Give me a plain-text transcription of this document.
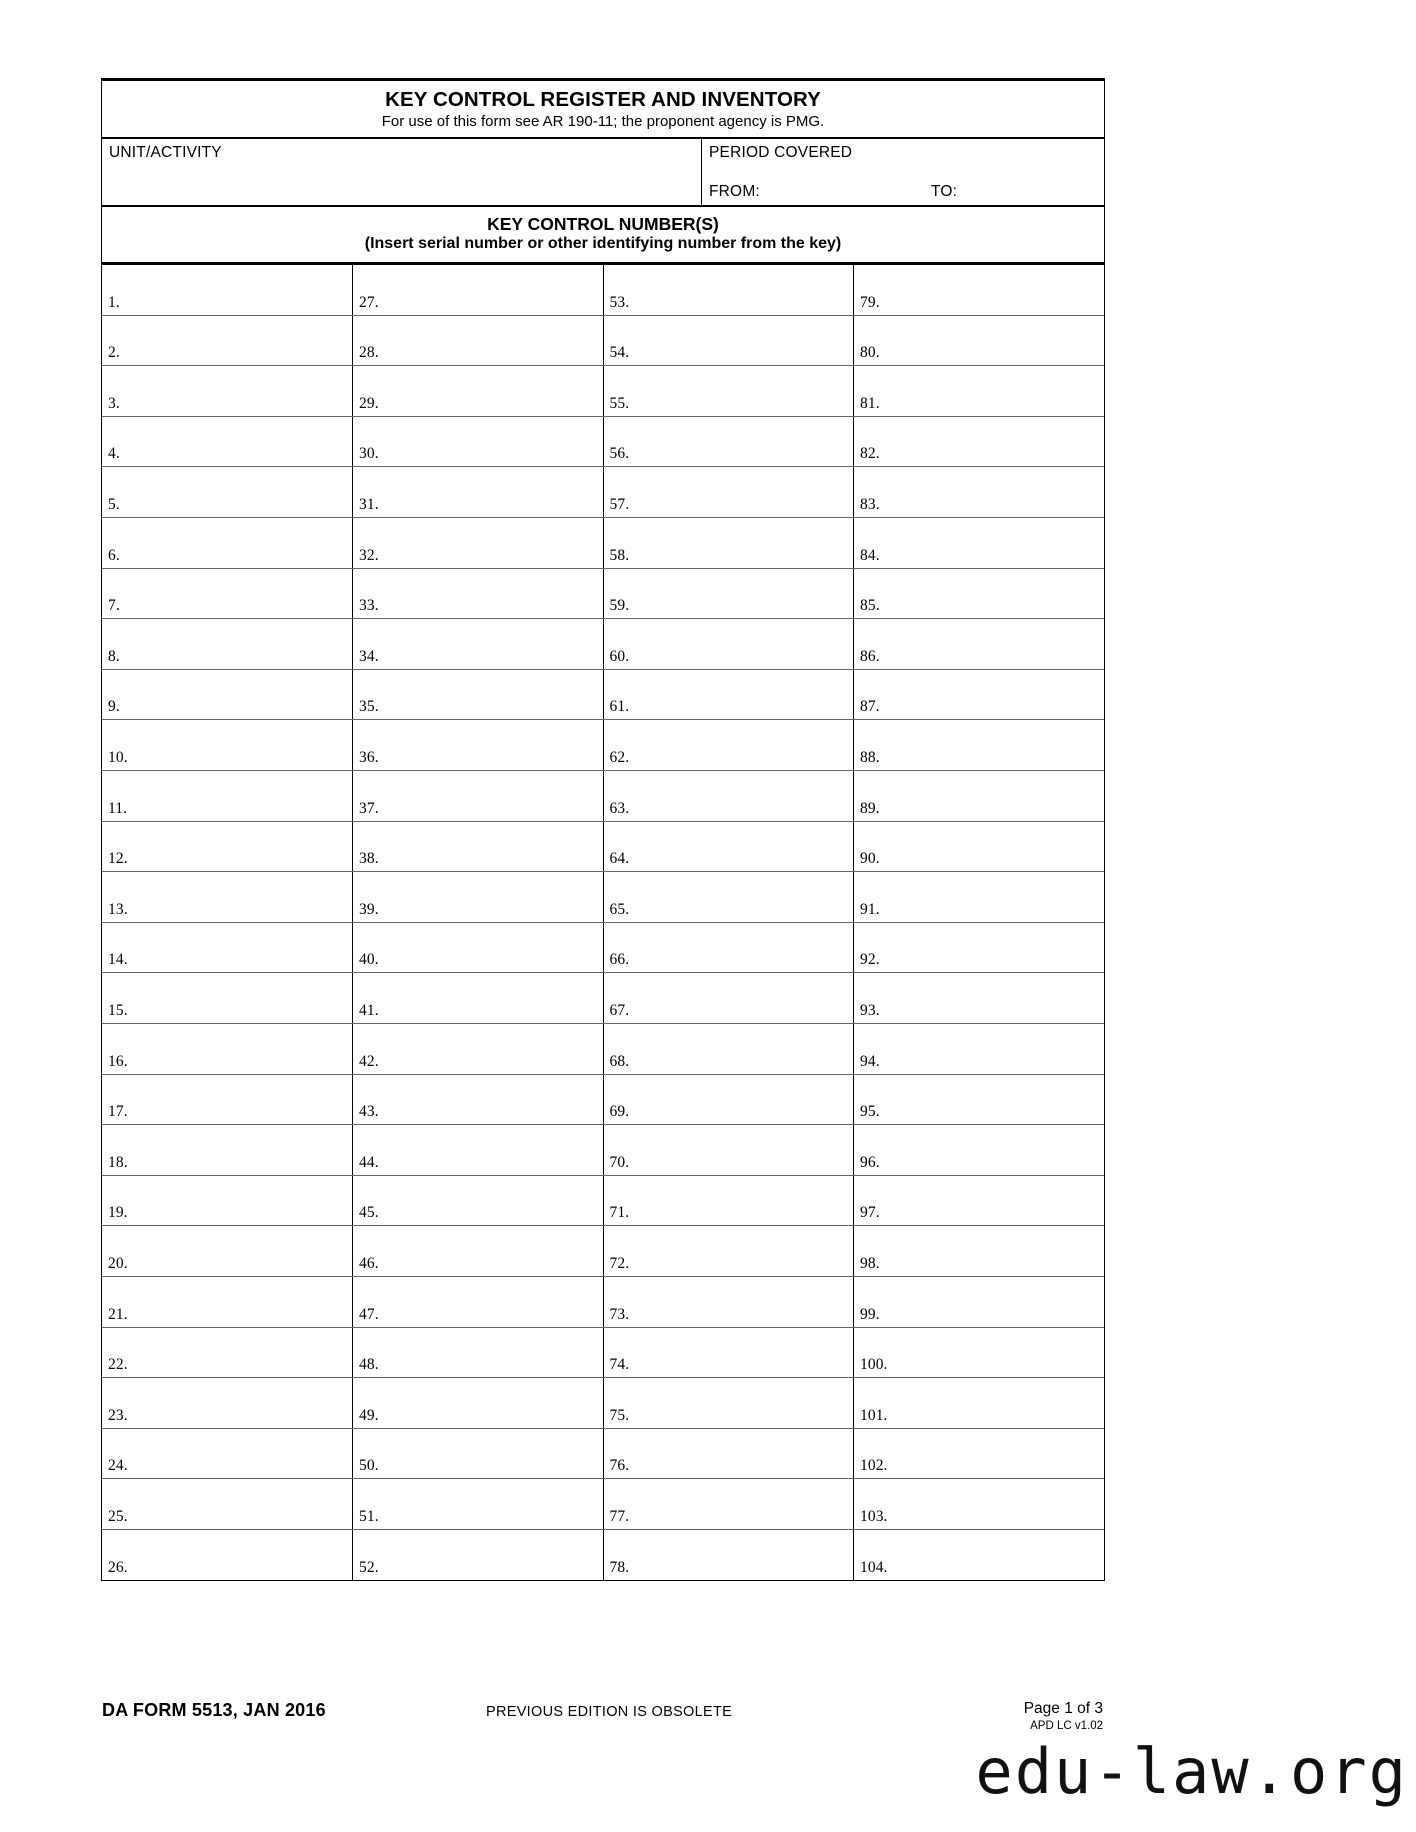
KEY CONTROL REGISTER AND INVENTORY
For use of this form see AR 190-11; the proponent agency is PMG.
UNIT/ACTIVITY	PERIOD COVERED
FROM:	TO:
KEY CONTROL NUMBER(S)
(Insert serial number or other identifying number from the key)
1.	27.	53.	79.
2.	28.	54.	80.
3.	29.	55.	81.
4.	30.	56.	82.
5.	31.	57.	83.
6.	32.	58.	84.
7.	33.	59.	85.
8.	34.	60.	86.
9.	35.	61.	87.
10.	36.	62.	88.
11.	37.	63.	89.
12.	38.	64.	90.
13.	39.	65.	91.
14.	40.	66.	92.
15.	41.	67.	93.
16.	42.	68.	94.
17.	43.	69.	95.
18.	44.	70.	96.
19.	45.	71.	97.
20.	46.	72.	98.
21.	47.	73.	99.
22.	48.	74.	100.
23.	49.	75.	101.
24.	50.	76.	102.
25.	51.	77.	103.
26.	52.	78.	104.
DA FORM 5513, JAN 2016	PREVIOUS EDITION IS OBSOLETE	Page 1 of 3
APD LC v1.02
edu-law.org
